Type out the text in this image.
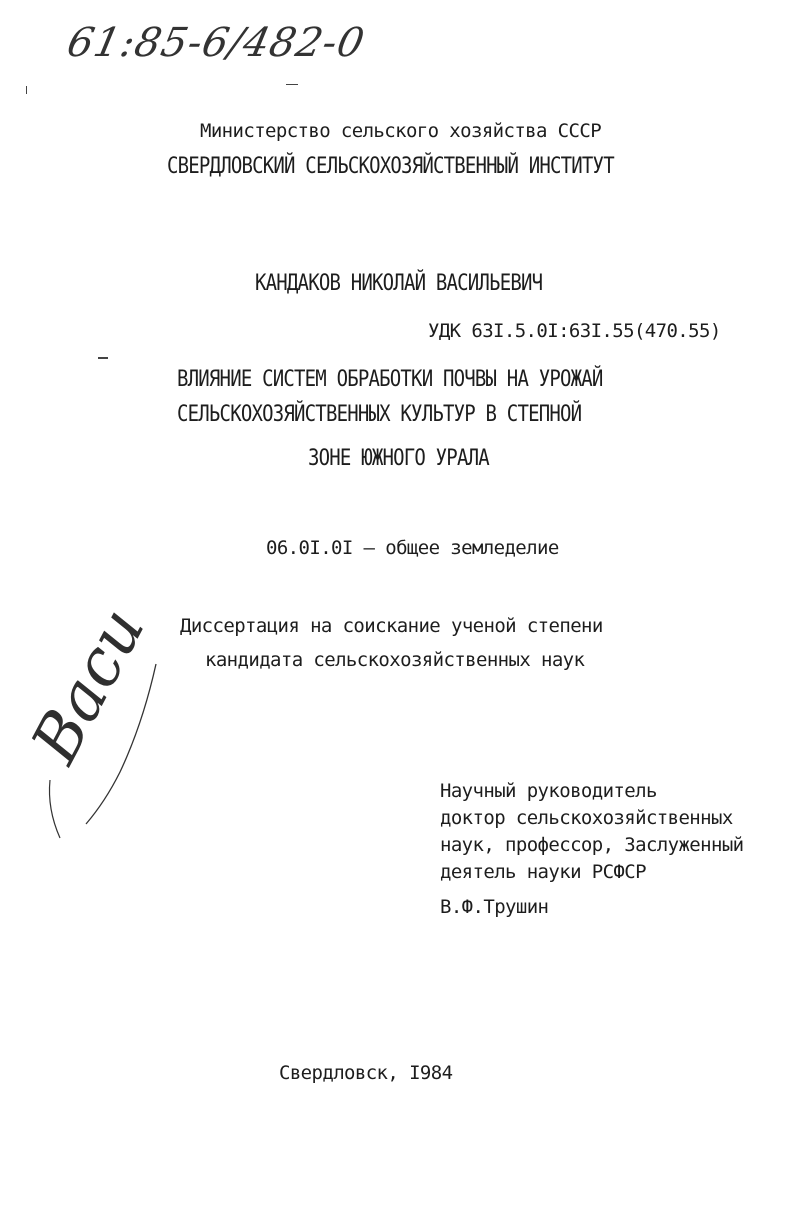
61:85-6/482-0
Министерство сельского хозяйства СССР
СВЕРДЛОВСКИЙ СЕЛЬСКОХОЗЯЙСТВЕННЫЙ ИНСТИТУТ
КАНДАКОВ НИКОЛАЙ ВАСИЛЬЕВИЧ
УДК 63I.5.0I:63I.55(470.55)
ВЛИЯНИЕ СИСТЕМ ОБРАБОТКИ ПОЧВЫ НА УРОЖАЙ
СЕЛЬСКОХОЗЯЙСТВЕННЫХ КУЛЬТУР В СТЕПНОЙ
ЗОНЕ ЮЖНОГО УРАЛА
06.0I.0I – общее земледелие
Диссертация на соискание ученой степени
кандидата сельскохозяйственных наук
Васи
Научный руководитель
доктор сельскохозяйственных
наук, профессор, Заслуженный
деятель науки РСФСР
В.Ф.Трушин
Свердловск, I984
